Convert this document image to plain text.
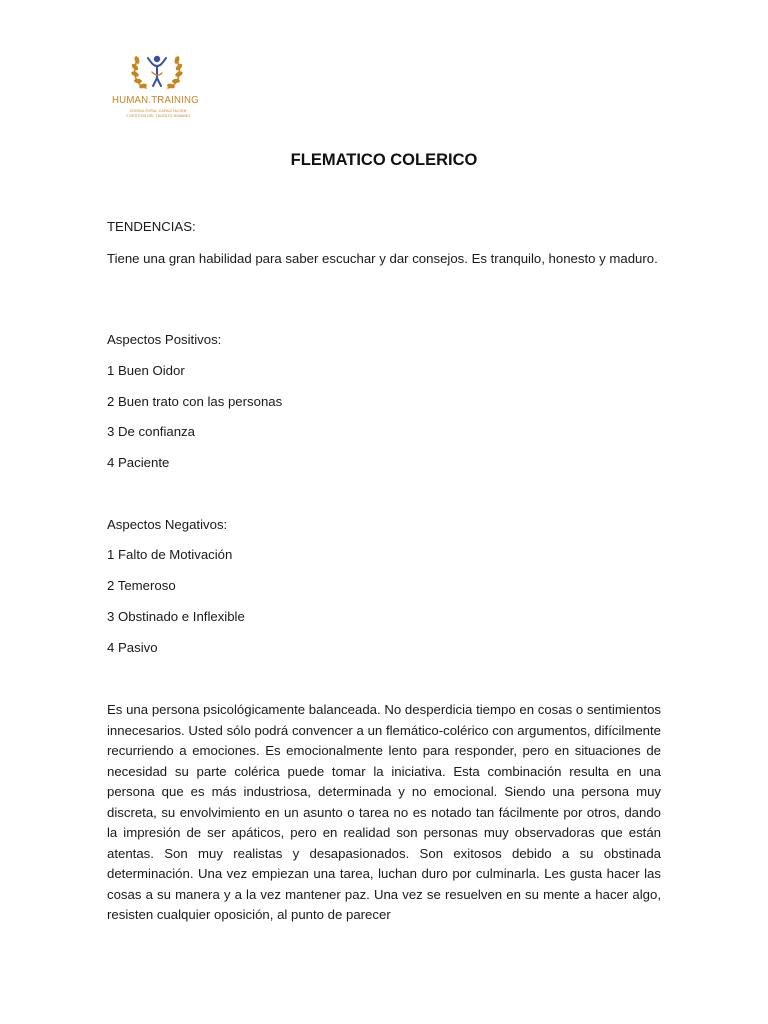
HUMAN.TRAINING
CONSULTORIA, CAPACITACIÓN
Y GESTIÓN DEL TALENTO HUMANO
FLEMATICO COLERICO
TENDENCIAS:
Tiene una gran habilidad para saber escuchar y dar consejos. Es tranquilo, honesto y maduro.
Aspectos Positivos:
1 Buen Oidor
2 Buen trato con las personas
3 De confianza
4 Paciente
Aspectos Negativos:
1 Falto de Motivación
2 Temeroso
3 Obstinado e Inflexible
4 Pasivo
Es una persona psicológicamente balanceada. No desperdicia tiempo en cosas o sentimientos innecesarios. Usted sólo podrá convencer a un flemático-colérico con argumentos, difícilmente recurriendo a emociones. Es emocionalmente lento para responder, pero en situaciones de necesidad su parte colérica puede tomar la iniciativa. Esta combinación resulta en una persona que es más industriosa, determinada y no emocional. Siendo una persona muy discreta, su envolvimiento en un asunto o tarea no es notado tan fácilmente por otros, dando la impresión de ser apáticos, pero en realidad son personas muy observadoras que están atentas. Son muy realistas y desapasionados. Son exitosos debido a su obstinada determinación. Una vez empiezan una tarea, luchan duro por culminarla. Les gusta hacer las cosas a su manera y a la vez mantener paz. Una vez se resuelven en su mente a hacer algo, resisten cualquier oposición, al punto de parecer
